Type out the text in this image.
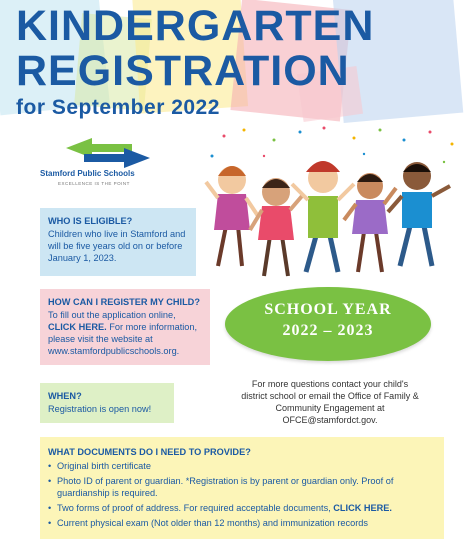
KINDERGARTEN
REGISTRATION
for September 2022
Stamford Public Schools
EXCELLENCE IS THE POINT
WHO IS ELIGIBLE?
Children who live in Stamford and will be five years old on or before January 1, 2023.
HOW CAN I REGISTER MY CHILD?
To fill out the application online, CLICK HERE. For more information, please visit the website at www.stamfordpublicschools.org.
SCHOOL YEAR
2022 – 2023
WHEN?
Registration is open now!
For more questions contact your child's district school or email the Office of Family & Community Engagement at OFCE@stamfordct.gov.
WHAT DOCUMENTS DO I NEED TO PROVIDE?
• Original birth certificate
• Photo ID of parent or guardian. *Registration is by parent or guardian only. Proof of guardianship is required.
• Two forms of proof of address. For required acceptable documents, CLICK HERE.
• Current physical exam (Not older than 12 months) and immunization records
